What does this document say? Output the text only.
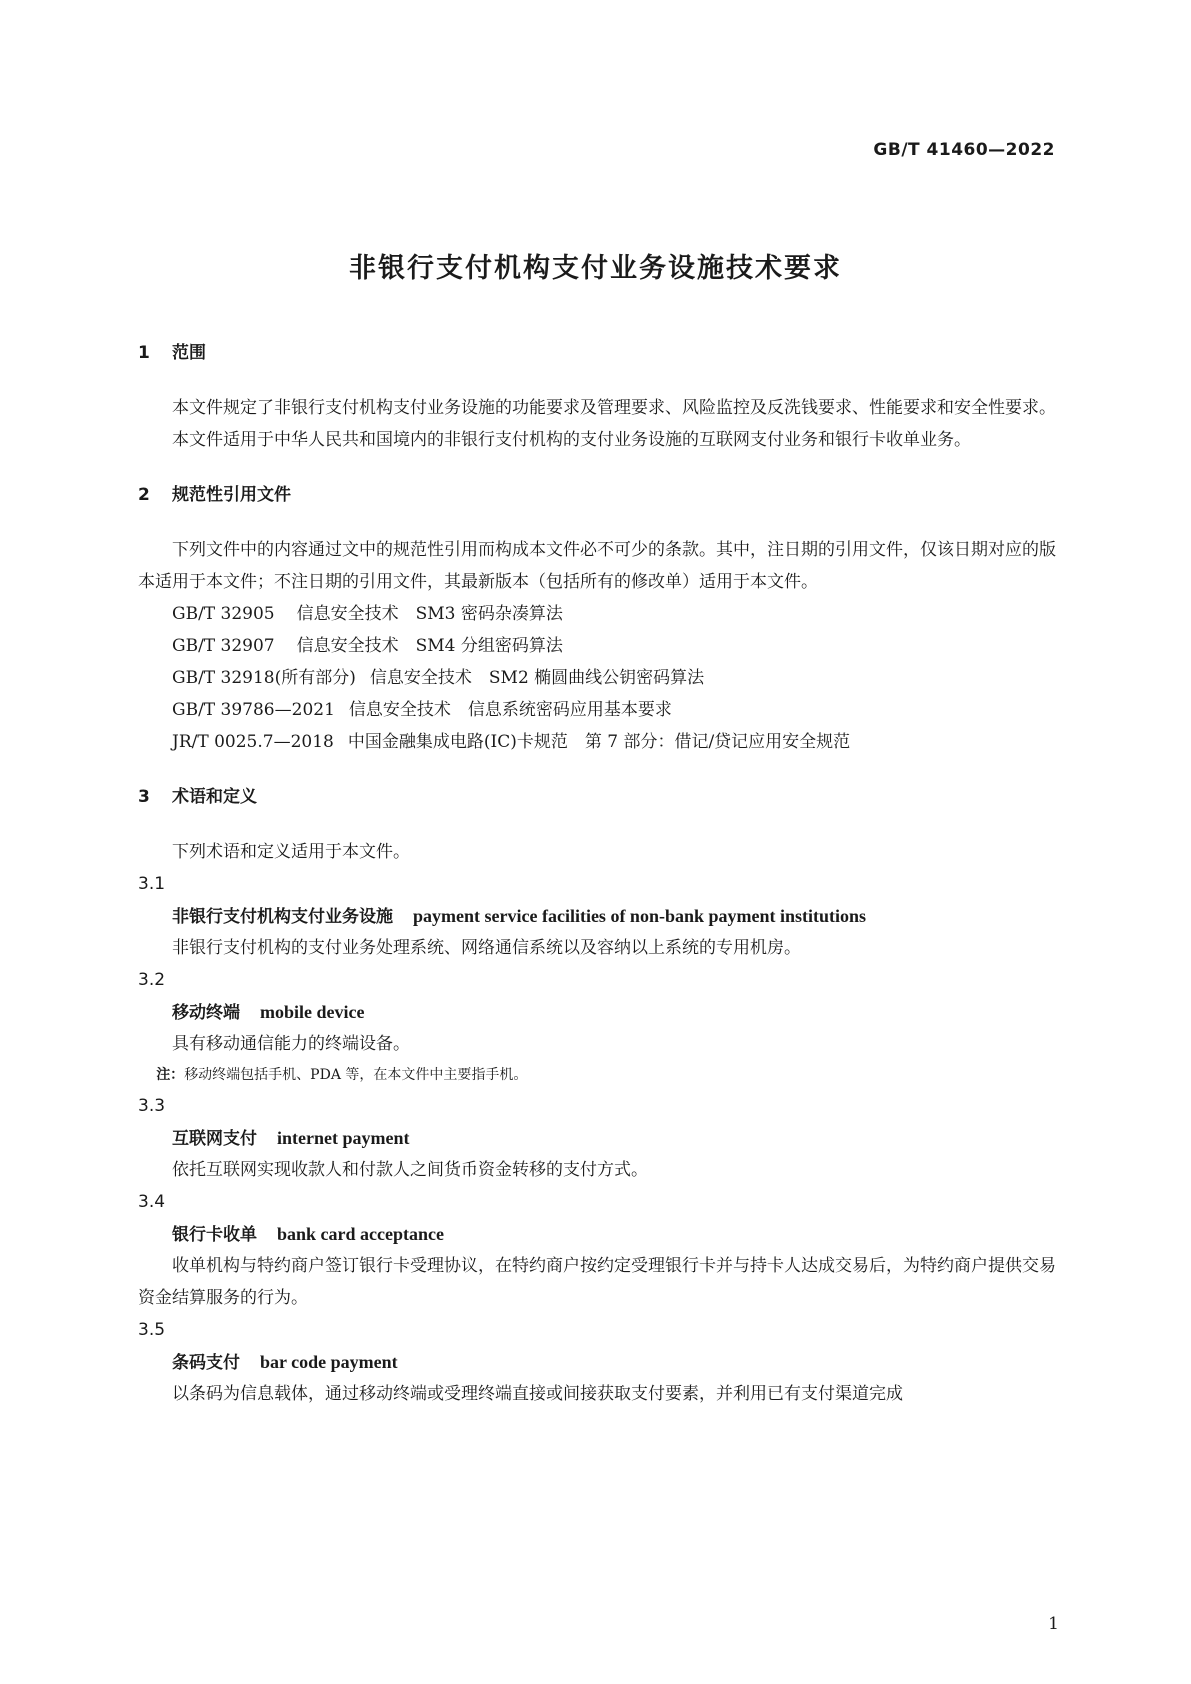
GB/T 41460—2022
非银行支付机构支付业务设施技术要求
1 范围
本文件规定了非银行支付机构支付业务设施的功能要求及管理要求、风险监控及反洗钱要求、性能要求和安全性要求。
本文件适用于中华人民共和国境内的非银行支付机构的支付业务设施的互联网支付业务和银行卡收单业务。
2 规范性引用文件
下列文件中的内容通过文中的规范性引用而构成本文件必不可少的条款。其中，注日期的引用文件，仅该日期对应的版本适用于本文件；不注日期的引用文件，其最新版本（包括所有的修改单）适用于本文件。
GB/T 32905 信息安全技术　SM3 密码杂凑算法
GB/T 32907 信息安全技术　SM4 分组密码算法
GB/T 32918(所有部分) 信息安全技术　SM2 椭圆曲线公钥密码算法
GB/T 39786—2021 信息安全技术　信息系统密码应用基本要求
JR/T 0025.7—2018 中国金融集成电路(IC)卡规范　第 7 部分：借记/贷记应用安全规范
3 术语和定义
下列术语和定义适用于本文件。
3.1
非银行支付机构支付业务设施 payment service facilities of non-bank payment institutions
非银行支付机构的支付业务处理系统、网络通信系统以及容纳以上系统的专用机房。
3.2
移动终端 mobile device
具有移动通信能力的终端设备。
注：移动终端包括手机、PDA 等，在本文件中主要指手机。
3.3
互联网支付 internet payment
依托互联网实现收款人和付款人之间货币资金转移的支付方式。
3.4
银行卡收单 bank card acceptance
收单机构与特约商户签订银行卡受理协议，在特约商户按约定受理银行卡并与持卡人达成交易后，为特约商户提供交易资金结算服务的行为。
3.5
条码支付 bar code payment
以条码为信息载体，通过移动终端或受理终端直接或间接获取支付要素，并利用已有支付渠道完成
1
